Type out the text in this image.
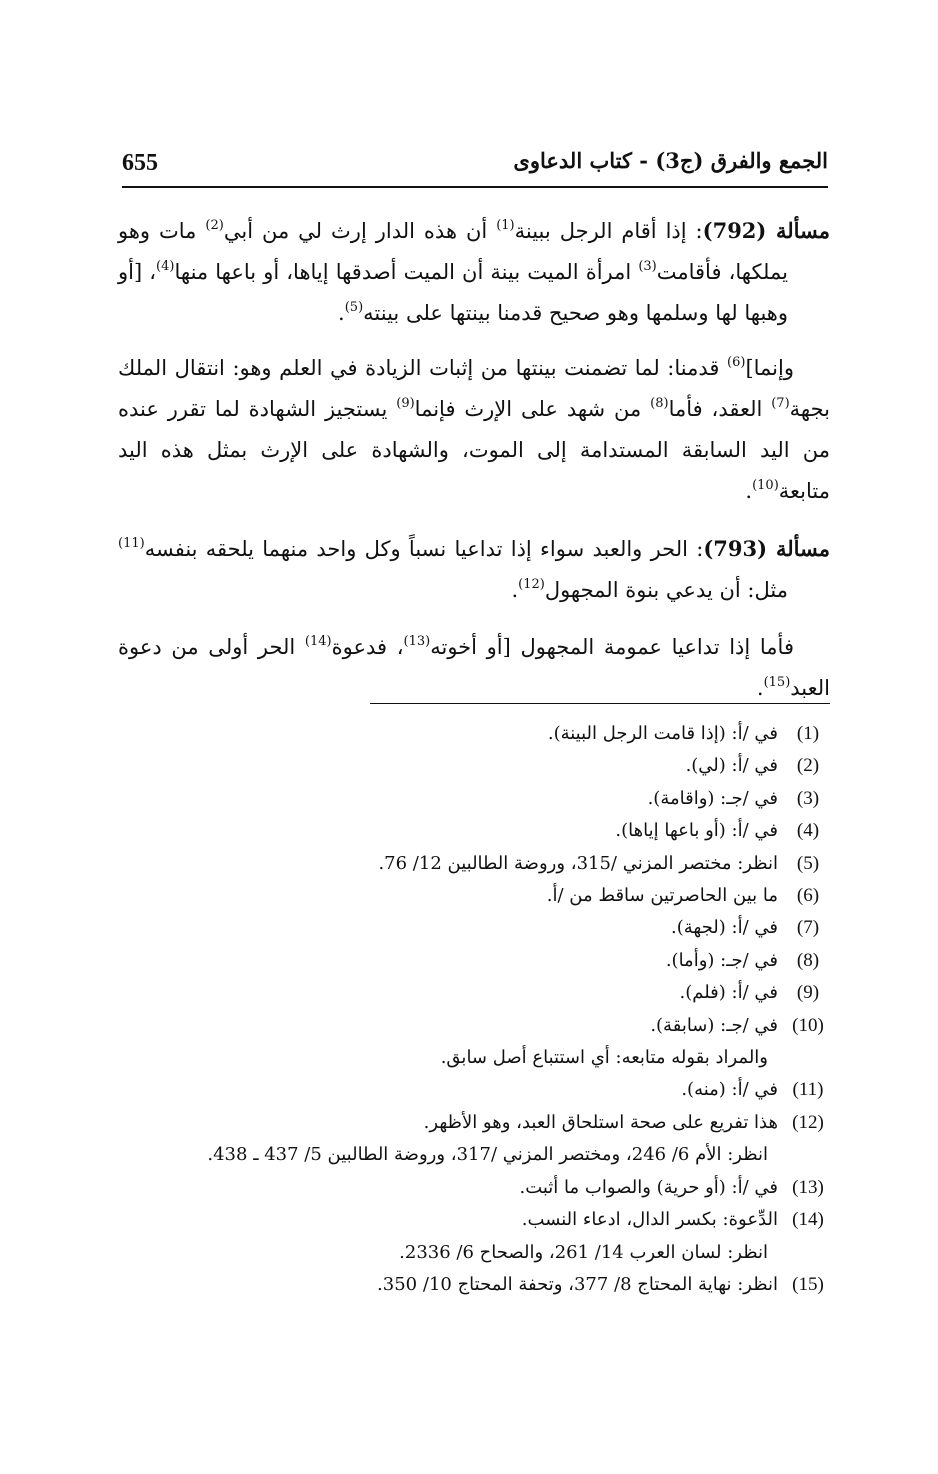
655	الجمع والفرق (ج3) - كتاب الدعاوى

مسألة (792): إذا أقام الرجل ببينة$^{(1)}$ أن هذه الدار إرث لي من أبي$^{(2)}$ مات وهو يملكها، فأقامت$^{(3)}$ امرأة الميت بينة أن الميت أصدقها إياها، أو باعها منها$^{(4)}$، [أو وهبها لها وسلمها وهو صحيح قدمنا بينتها على بينته$^{(5)}$.

وإنما]$^{(6)}$ قدمنا: لما تضمنت بينتها من إثبات الزيادة في العلم وهو: انتقال الملك بجهة$^{(7)}$ العقد، فأما$^{(8)}$ من شهد على الإرث فإنما$^{(9)}$ يستجيز الشهادة لما تقرر عنده من اليد السابقة المستدامة إلى الموت، والشهادة على الإرث بمثل هذه اليد متابعة$^{(10)}$.

مسألة (793): الحر والعبد سواء إذا تداعيا نسباً وكل واحد منهما يلحقه بنفسه$^{(11)}$ مثل: أن يدعي بنوة المجهول$^{(12)}$.

فأما إذا تداعيا عمومة المجهول [أو أخوته$^{(13)}$، فدعوة$^{(14)}$ الحر أولى من دعوة العبد$^{(15)}$.

(1)
في /أ: (إذا قامت الرجل البينة).
(2)
في /أ: (لي).
(3)
في /جـ: (واقامة).
(4)
في /أ: (أو باعها إياها).
(5)
انظر: مختصر المزني /315، وروضة الطالبين 12/ 76.
(6)
ما بين الحاصرتين ساقط من /أ.
(7)
في /أ: (لجهة).
(8)
في /جـ: (وأما).
(9)
في /أ: (فلم).
(10)
في /جـ: (سابقة).
والمراد بقوله متابعه: أي استتباع أصل سابق.
(11)
في /أ: (منه).
(12)
هذا تفريع على صحة استلحاق العبد، وهو الأظهر.
انظر: الأم 6/ 246، ومختصر المزني /317، وروضة الطالبين 5/ 437 ـ 438.
(13)
في /أ: (أو حرية) والصواب ما أثبت.
(14)
الدِّعوة: بكسر الدال، ادعاء النسب.
انظر: لسان العرب 14/ 261، والصحاح 6/ 2336.
(15)
انظر: نهاية المحتاج 8/ 377، وتحفة المحتاج 10/ 350.
